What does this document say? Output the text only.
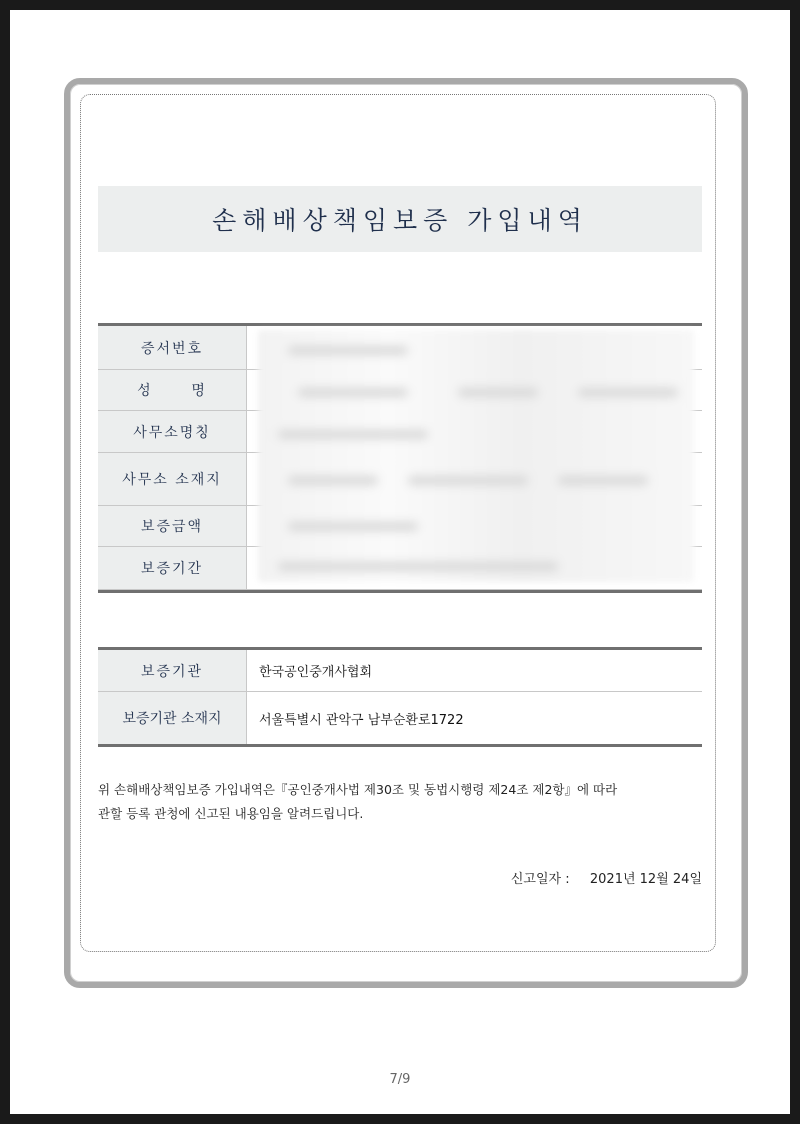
손해배상책임보증 가입내역
증서번호
성      명
사무소명칭
사무소 소재지
보증금액
보증기간
보증기관	한국공인중개사협회
보증기관 소재지	서울특별시 관악구 남부순환로1722
위 손해배상책임보증 가입내역은『공인중개사법 제30조 및 동법시행령 제24조 제2항』에 따라
관할 등록 관청에 신고된 내용임을 알려드립니다.
신고일자 : 2021년 12월 24일
7/9
